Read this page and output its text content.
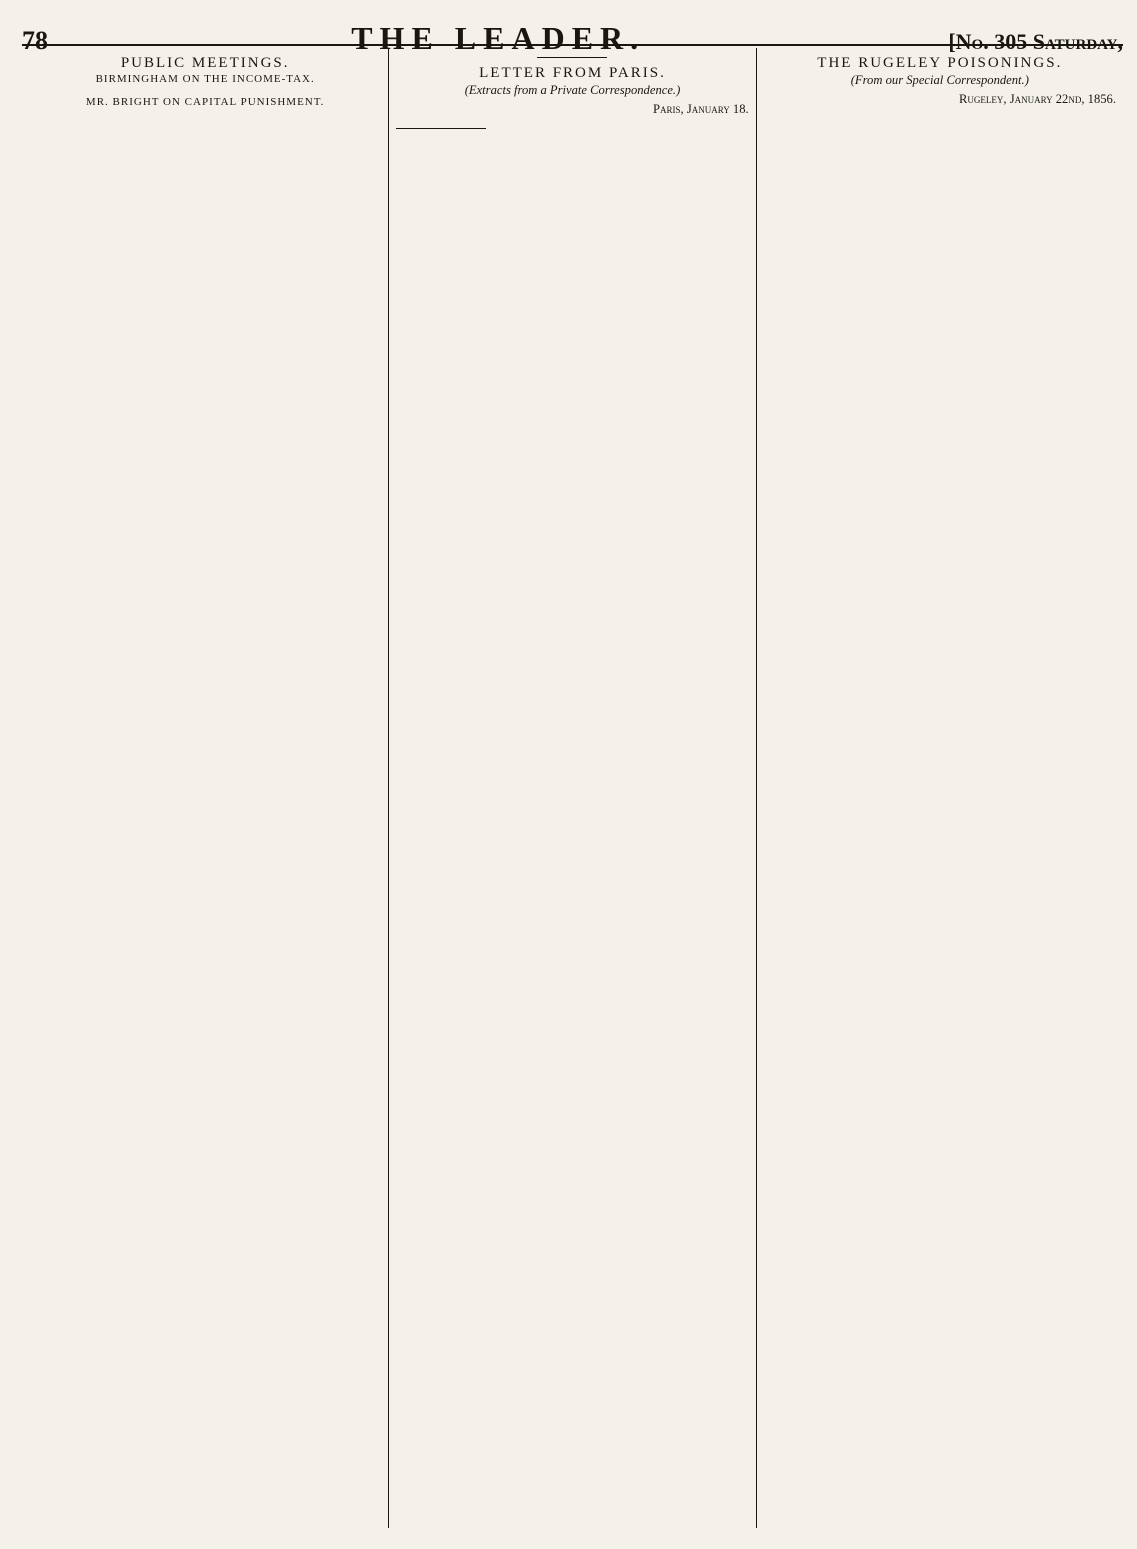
78	THE LEADER.	[No. 305 Saturday,
PUBLIC MEETINGS.
BIRMINGHAM ON THE INCOME-TAX.
MR. BRIGHT ON CAPITAL PUNISHMENT.
LETTER FROM PARIS.
(Extracts from a Private Correspondence.)
Paris, January 18.
THE RUGELEY POISONINGS.
(From our Special Correspondent.)
Rugeley, January 22nd, 1856.
